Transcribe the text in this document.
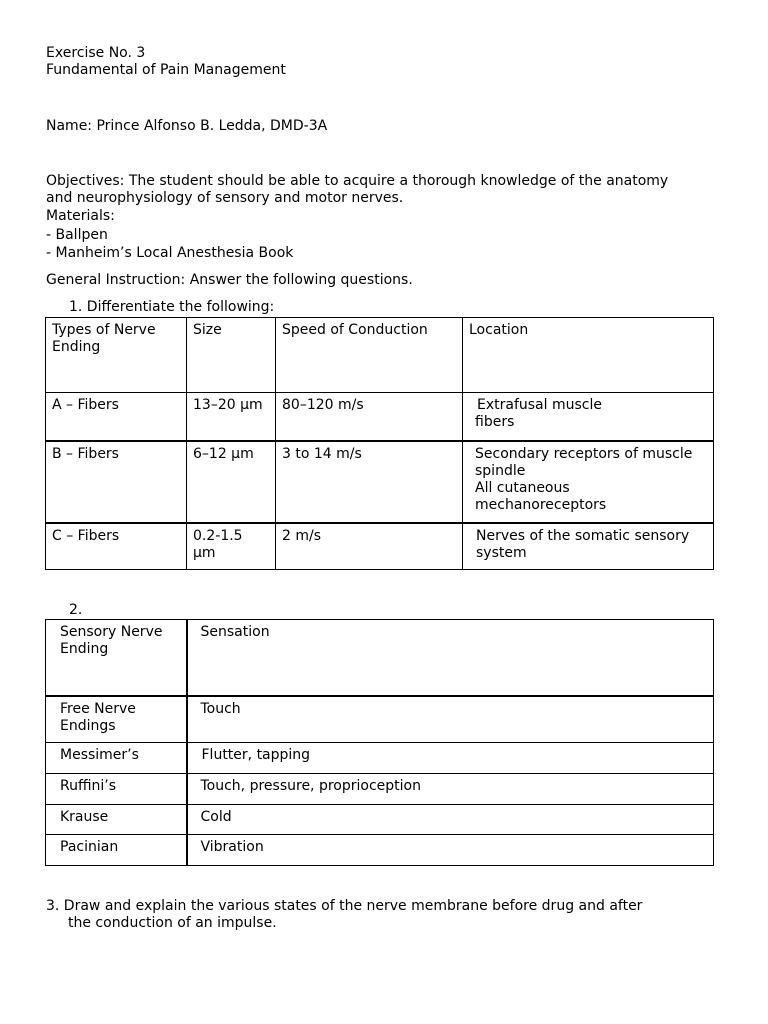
Exercise No. 3
Fundamental of Pain Management
Name: Prince Alfonso B. Ledda, DMD-3A
Objectives: The student should be able to acquire a thorough knowledge of the anatomy and neurophysiology of sensory and motor nerves.
Materials:
- Ballpen
- Manheim’s Local Anesthesia Book
General Instruction: Answer the following questions.
1. Differentiate the following:
Types of Nerve Ending	Size	Speed of Conduction	Location
A – Fibers	13–20 µm	80–120 m/s	Extrafusal muscle
fibers

B – Fibers	6–12 µm	3 to 14 m/s	Secondary receptors of muscle spindle
All cutaneous mechanoreceptors

C – Fibers	0.2-1.5 µm	2 m/s	Nerves of the somatic sensory system
2.
Sensory Nerve Ending	Sensation
Free Nerve Endings	Touch
Messimer’s	Flutter, tapping
Ruffini’s	Touch, pressure, proprioception
Krause	Cold
Pacinian	Vibration
3. Draw and explain the various states of the nerve membrane before drug and after
the conduction of an impulse.
